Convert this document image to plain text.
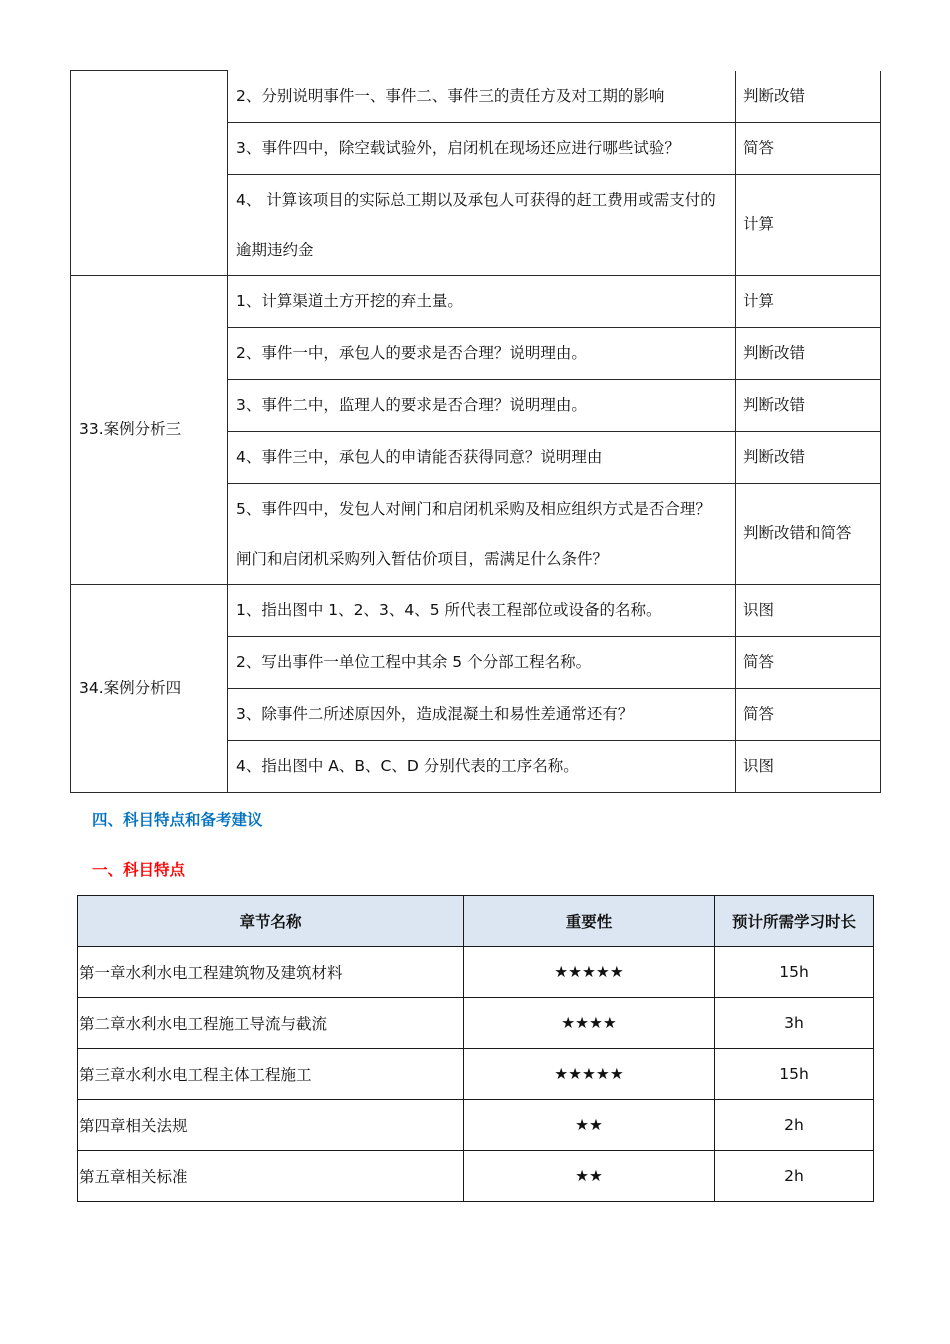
	2、分别说明事件一、事件二、事件三的责任方及对工期的影响	判断改错
	3、事件四中，除空载试验外，启闭机在现场还应进行哪些试验？	简答
	4、 计算该项目的实际总工期以及承包人可获得的赶工费用或需支付的逾期违约金	计算
33.案例分析三	1、计算渠道土方开挖的弃土量。	计算
	2、事件一中，承包人的要求是否合理？说明理由。	判断改错
	3、事件二中，监理人的要求是否合理？说明理由。	判断改错
	4、事件三中，承包人的申请能否获得同意？说明理由	判断改错
	5、事件四中，发包人对闸门和启闭机采购及相应组织方式是否合理？闸门和启闭机采购列入暂估价项目，需满足什么条件？	判断改错和简答
34.案例分析四	1、指出图中 1、2、3、4、5 所代表工程部位或设备的名称。	识图
	2、写出事件一单位工程中其余 5 个分部工程名称。	简答
	3、除事件二所述原因外，造成混凝土和易性差通常还有？	简答
	4、指出图中 A、B、C、D 分别代表的工序名称。	识图
四、科目特点和备考建议
一、科目特点
章节名称	重要性	预计所需学习时长
第一章水利水电工程建筑物及建筑材料	★★★★★	15h
第二章水利水电工程施工导流与截流	★★★★	3h
第三章水利水电工程主体工程施工	★★★★★	15h
第四章相关法规	★★	2h
第五章相关标准	★★	2h
